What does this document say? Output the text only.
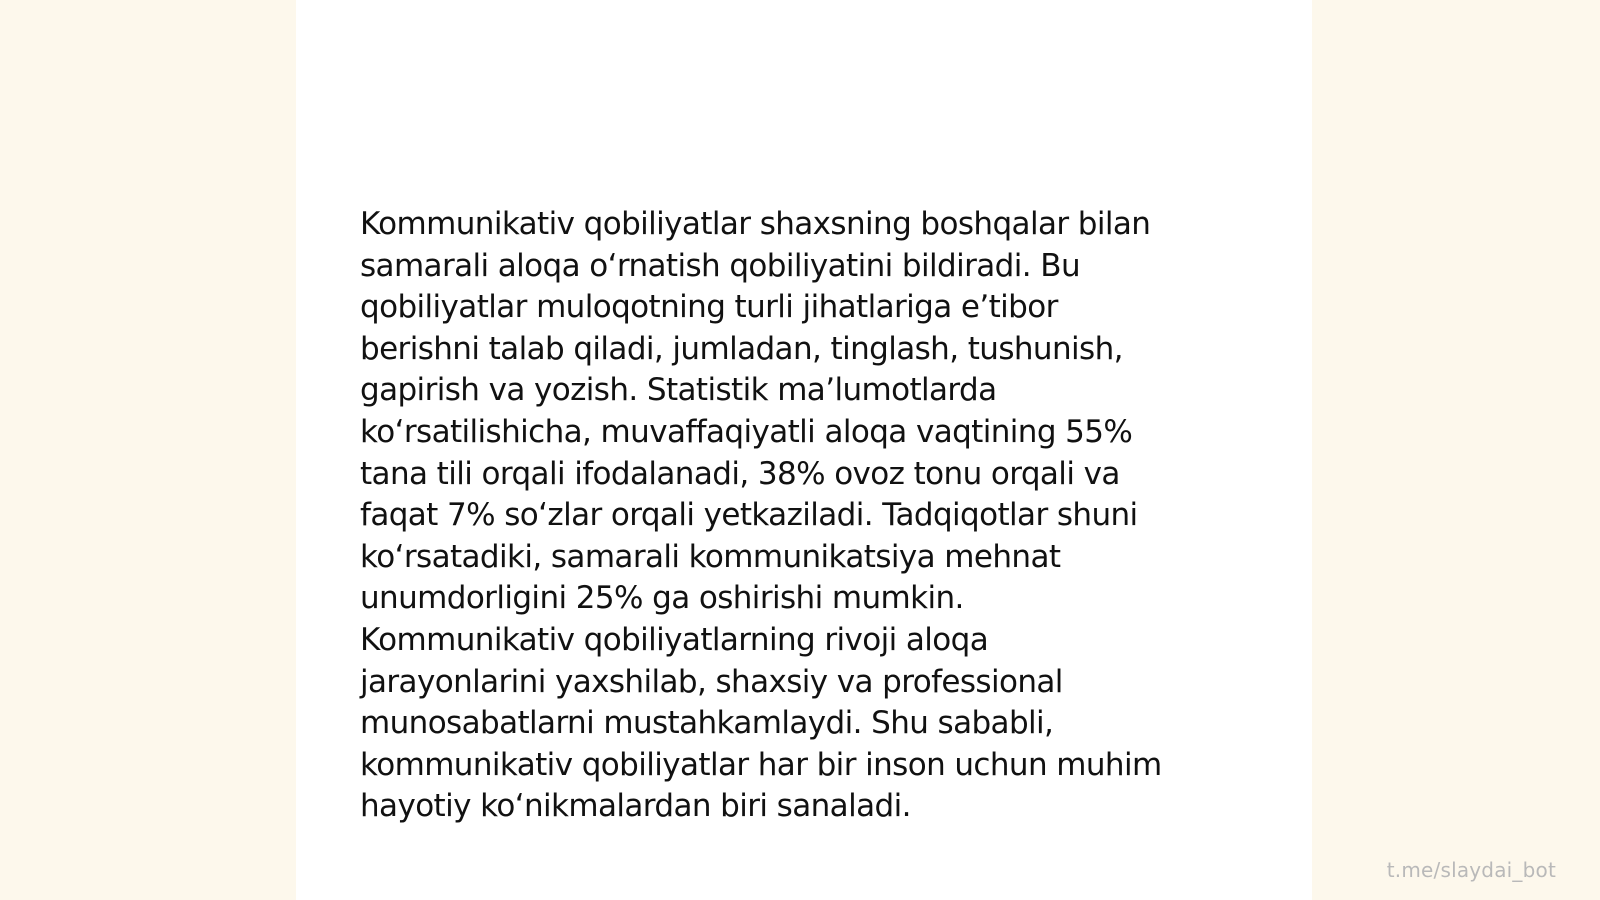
Kommunikativ qobiliyatlar shaxsning boshqalar bilan
samarali aloqa o‘rnatish qobiliyatini bildiradi. Bu
qobiliyatlar muloqotning turli jihatlariga e’tibor
berishni talab qiladi, jumladan, tinglash, tushunish,
gapirish va yozish. Statistik ma’lumotlarda
ko‘rsatilishicha, muvaffaqiyatli aloqa vaqtining 55%
tana tili orqali ifodalanadi, 38% ovoz tonu orqali va
faqat 7% so‘zlar orqali yetkaziladi. Tadqiqotlar shuni
ko‘rsatadiki, samarali kommunikatsiya mehnat
unumdorligini 25% ga oshirishi mumkin.
Kommunikativ qobiliyatlarning rivoji aloqa
jarayonlarini yaxshilab, shaxsiy va professional
munosabatlarni mustahkamlaydi. Shu sababli,
kommunikativ qobiliyatlar har bir inson uchun muhim
hayotiy ko‘nikmalardan biri sanaladi.

t.me/slaydai_bot
